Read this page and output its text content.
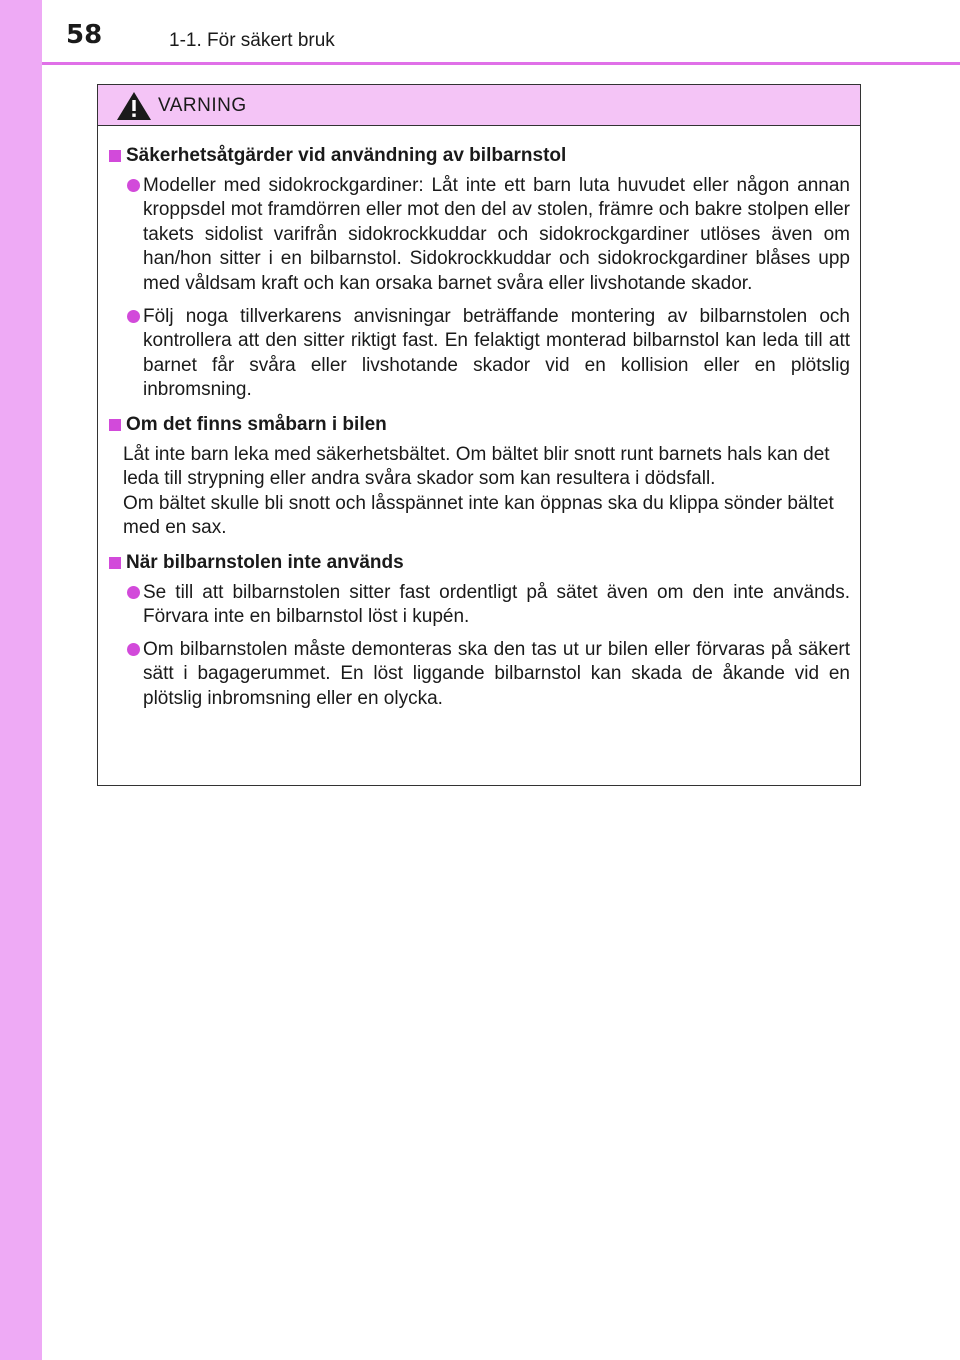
58	1-1. För säkert bruk
VARNING
Säkerhetsåtgärder vid användning av bilbarnstol
Modeller med sidokrockgardiner: Låt inte ett barn luta huvudet eller någon annan kroppsdel mot framdörren eller mot den del av stolen, främre och bakre stolpen eller takets sidolist varifrån sidokrockkuddar och sidokrockgardiner utlöses även om han/hon sitter i en bilbarnstol. Sidokrockkuddar och sidokrockgardiner blåses upp med våldsam kraft och kan orsaka barnet svåra eller livshotande skador.
Följ noga tillverkarens anvisningar beträffande montering av bilbarnstolen och kontrollera att den sitter riktigt fast. En felaktigt monterad bilbarnstol kan leda till att barnet får svåra eller livshotande skador vid en kollision eller en plötslig inbromsning.
Om det finns småbarn i bilen

Låt inte barn leka med säkerhetsbältet. Om bältet blir snott runt barnets hals kan det leda till strypning eller andra svåra skador som kan resultera i dödsfall.

Om bältet skulle bli snott och låsspännet inte kan öppnas ska du klippa sönder bältet med en sax.

När bilbarnstolen inte används
Se till att bilbarnstolen sitter fast ordentligt på sätet även om den inte används. Förvara inte en bilbarnstol löst i kupén.
Om bilbarnstolen måste demonteras ska den tas ut ur bilen eller förvaras på säkert sätt i bagagerummet. En löst liggande bilbarnstol kan skada de åkande vid en plötslig inbromsning eller en olycka.
